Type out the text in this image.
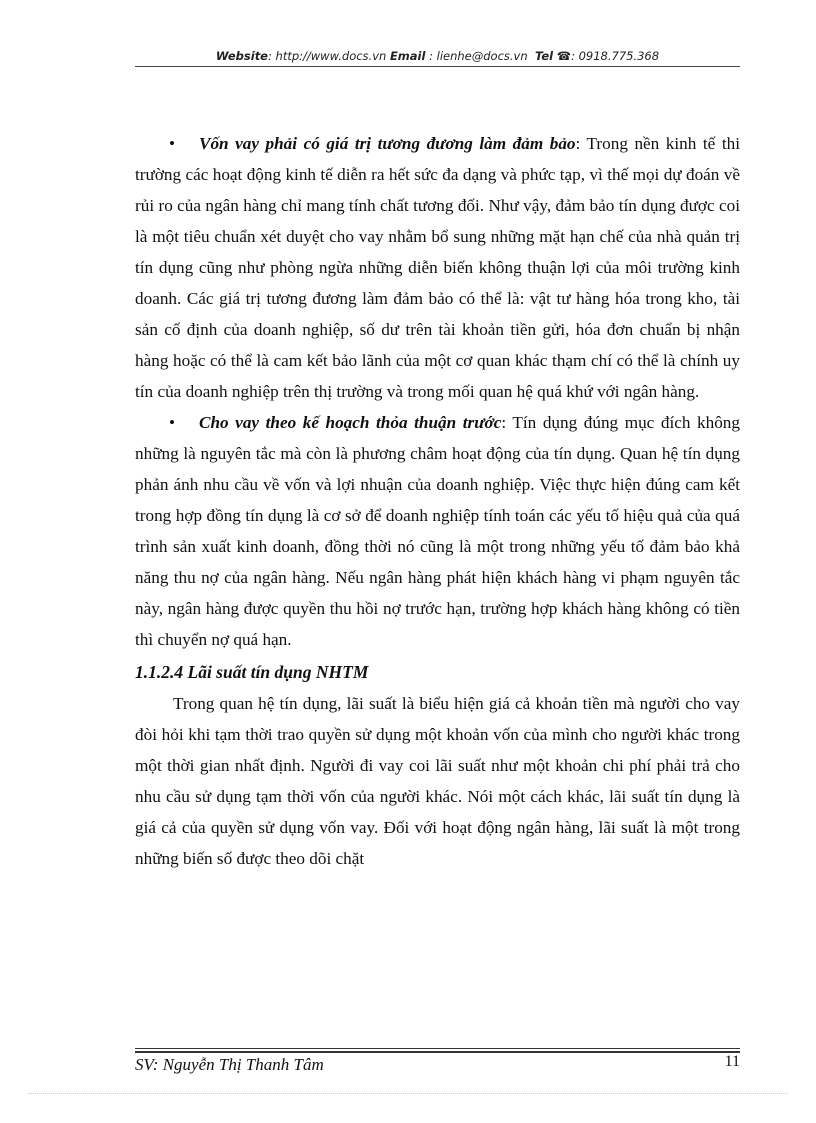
Website: http://www.docs.vn Email : lienhe@docs.vn Tel ☎: 0918.775.368

• Vốn vay phải có giá trị tương đương làm đảm bảo: Trong nền kinh tế thi trường các hoạt động kinh tế diễn ra hết sức đa dạng và phức tạp, vì thế mọi dự đoán về rủi ro của ngân hàng chỉ mang tính chất tương đối. Như vậy, đảm bảo tín dụng được coi là một tiêu chuẩn xét duyệt cho vay nhằm bổ sung những mặt hạn chế của nhà quản trị tín dụng cũng như phòng ngừa những diễn biến không thuận lợi của môi trường kinh doanh. Các giá trị tương đương làm đảm bảo có thể là: vật tư hàng hóa trong kho, tài sản cố định của doanh nghiệp, số dư trên tài khoản tiền gửi, hóa đơn chuẩn bị nhận hàng hoặc có thể là cam kết bảo lãnh của một cơ quan khác thạm chí có thể là chính uy tín của doanh nghiệp trên thị trường và trong mối quan hệ quá khứ với ngân hàng.

• Cho vay theo kế hoạch thỏa thuận trước: Tín dụng đúng mục đích không những là nguyên tắc mà còn là phương châm hoạt động của tín dụng. Quan hệ tín dụng phản ánh nhu cầu về vốn và lợi nhuận của doanh nghiệp. Việc thực hiện đúng cam kết trong hợp đồng tín dụng là cơ sở để doanh nghiệp tính toán các yếu tố hiệu quả của quá trình sản xuất kinh doanh, đồng thời nó cũng là một trong những yếu tố đảm bảo khả năng thu nợ của ngân hàng. Nếu ngân hàng phát hiện khách hàng vi phạm nguyên tắc này, ngân hàng được quyền thu hồi nợ trước hạn, trường hợp khách hàng không có tiền thì chuyển nợ quá hạn.

1.1.2.4 Lãi suất tín dụng NHTM

Trong quan hệ tín dụng, lãi suất là biểu hiện giá cả khoản tiền mà người cho vay đòi hỏi khi tạm thời trao quyền sử dụng một khoản vốn của mình cho người khác trong một thời gian nhất định. Người đi vay coi lãi suất như một khoản chi phí phải trả cho nhu cầu sử dụng tạm thời vốn của người khác. Nói một cách khác, lãi suất tín dụng là giá cả của quyền sử dụng vốn vay. Đối với hoạt động ngân hàng, lãi suất là một trong những biến số được theo dõi chặt

SV: Nguyễn Thị Thanh Tâm	11
